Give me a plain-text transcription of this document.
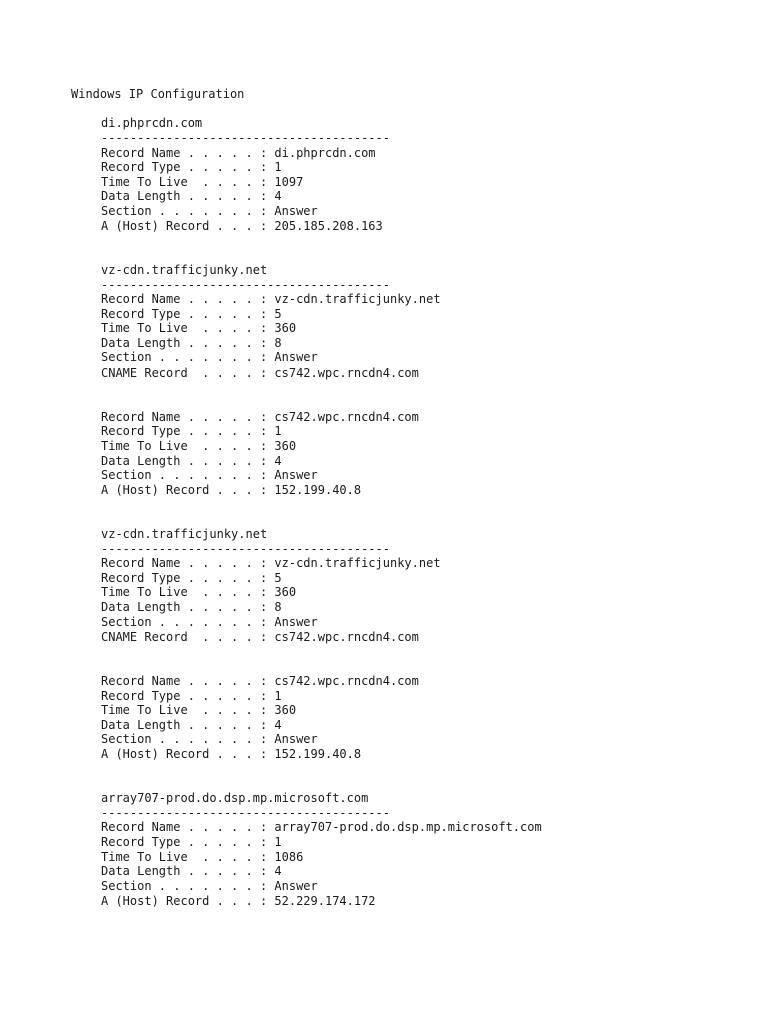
Windows IP Configuration
di.phprcdn.com
----------------------------------------
Record Name . . . . . : di.phprcdn.com
Record Type . . . . . : 1
Time To Live  . . . . : 1097
Data Length . . . . . : 4
Section . . . . . . . : Answer
A (Host) Record . . . : 205.185.208.163
vz-cdn.trafficjunky.net
----------------------------------------
Record Name . . . . . : vz-cdn.trafficjunky.net
Record Type . . . . . : 5
Time To Live  . . . . : 360
Data Length . . . . . : 8
Section . . . . . . . : Answer
CNAME Record  . . . . : cs742.wpc.rncdn4.com
Record Name . . . . . : cs742.wpc.rncdn4.com
Record Type . . . . . : 1
Time To Live  . . . . : 360
Data Length . . . . . : 4
Section . . . . . . . : Answer
A (Host) Record . . . : 152.199.40.8
vz-cdn.trafficjunky.net
----------------------------------------
Record Name . . . . . : vz-cdn.trafficjunky.net
Record Type . . . . . : 5
Time To Live  . . . . : 360
Data Length . . . . . : 8
Section . . . . . . . : Answer
CNAME Record  . . . . : cs742.wpc.rncdn4.com
Record Name . . . . . : cs742.wpc.rncdn4.com
Record Type . . . . . : 1
Time To Live  . . . . : 360
Data Length . . . . . : 4
Section . . . . . . . : Answer
A (Host) Record . . . : 152.199.40.8
array707-prod.do.dsp.mp.microsoft.com
----------------------------------------
Record Name . . . . . : array707-prod.do.dsp.mp.microsoft.com
Record Type . . . . . : 1
Time To Live  . . . . : 1086
Data Length . . . . . : 4
Section . . . . . . . : Answer
A (Host) Record . . . : 52.229.174.172
